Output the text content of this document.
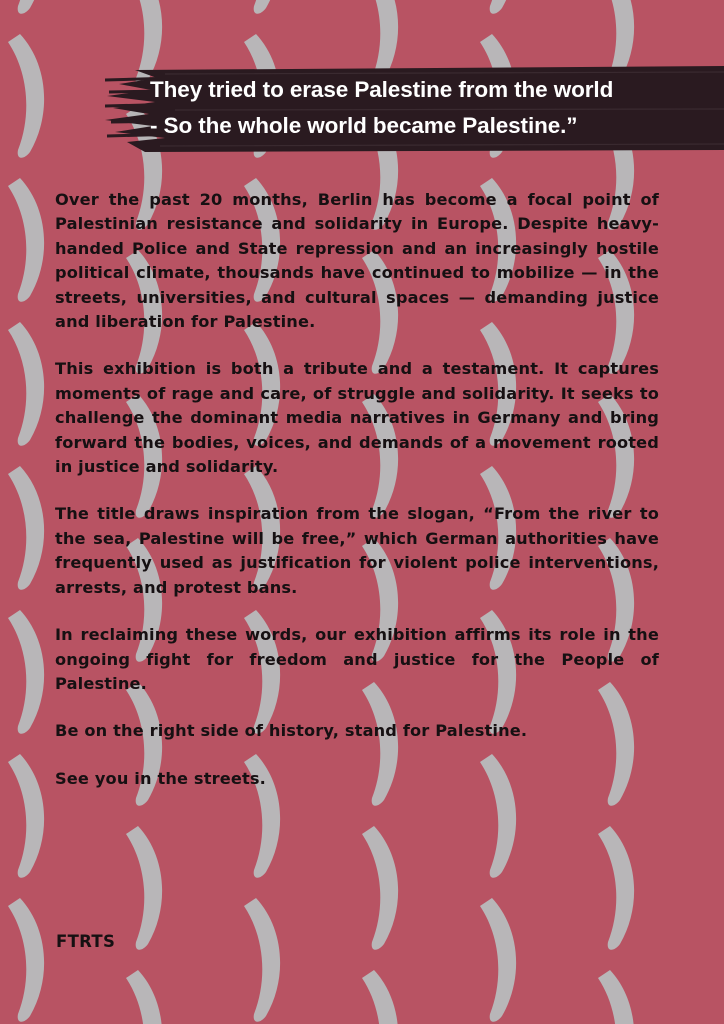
They tried to erase Palestine from the world
- So the whole world became Palestine.”

Over the past 20 months, Berlin has become a focal point of Palestinian resistance and solidarity in Europe. Despite heavy-handed Police and State repression and an increasingly hostile political climate, thousands have continued to mobilize — in the streets, universities, and cultural spaces — demanding justice and liberation for Palestine.

This exhibition is both a tribute and a testament. It captures moments of rage and care, of struggle and solidarity. It seeks to challenge the dominant media narratives in Germany and bring forward the bodies, voices, and demands of a movement rooted in justice and solidarity.

The title draws inspiration from the slogan, “From the river to the sea, Palestine will be free,” which German authorities have frequently used as justification for violent police interventions, arrests, and protest bans.

In reclaiming these words, our exhibition affirms its role in the ongoing fight for freedom and justice for the People of Palestine.

Be on the right side of history, stand for Palestine.

See you in the streets.

FTRTS
